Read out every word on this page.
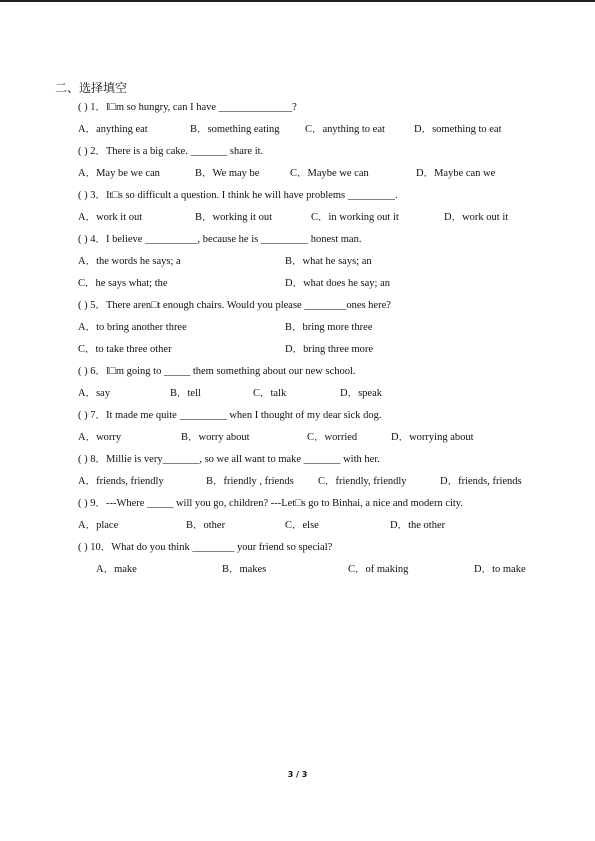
二、选择填空
( ) 1．I□m so hungry, can I have ______________?
A．anything eat	B．something eating C．anything to eat	D．something to eat
( ) 2．There is a big cake. _______ share it.
A．May be we can	B．We may be	C．Maybe we can	D．Maybe can we
( ) 3．It□s so difficult a question. I think he will have problems _________.
A．work it out	B．working it out	C．in working out it	D．work out it
( ) 4．I believe __________, because he is _________ honest man.
A．the words he says; a	B．what he says; an
C．he says what; the	D．what does he say; an
( ) 5．There aren□t enough chairs. Would you please ________ones here?
A．to bring another three	B．bring more three
C．to take three other	D．bring three more
( ) 6．I□m going to _____ them something about our new school.
A．say	B．tell	C．talk	D．speak
( ) 7．It made me quite _________ when I thought of my dear sick dog.
A．worry	B．worry about	C．worried	D．worrying about
( ) 8．Millie is very_______, so we all want to make _______ with her.
A．friends, friendly	B．friendly , friends C．friendly, friendly	D．friends, friends
( ) 9．---Where _____ will you go, children? ---Let□s go to Binhai, a nice and modern city.
A．place	B．other	C．else	D．the other
( ) 10．What do you think ________ your friend so special?
A．make	B．makes	C．of making	D．to make
3 / 3
